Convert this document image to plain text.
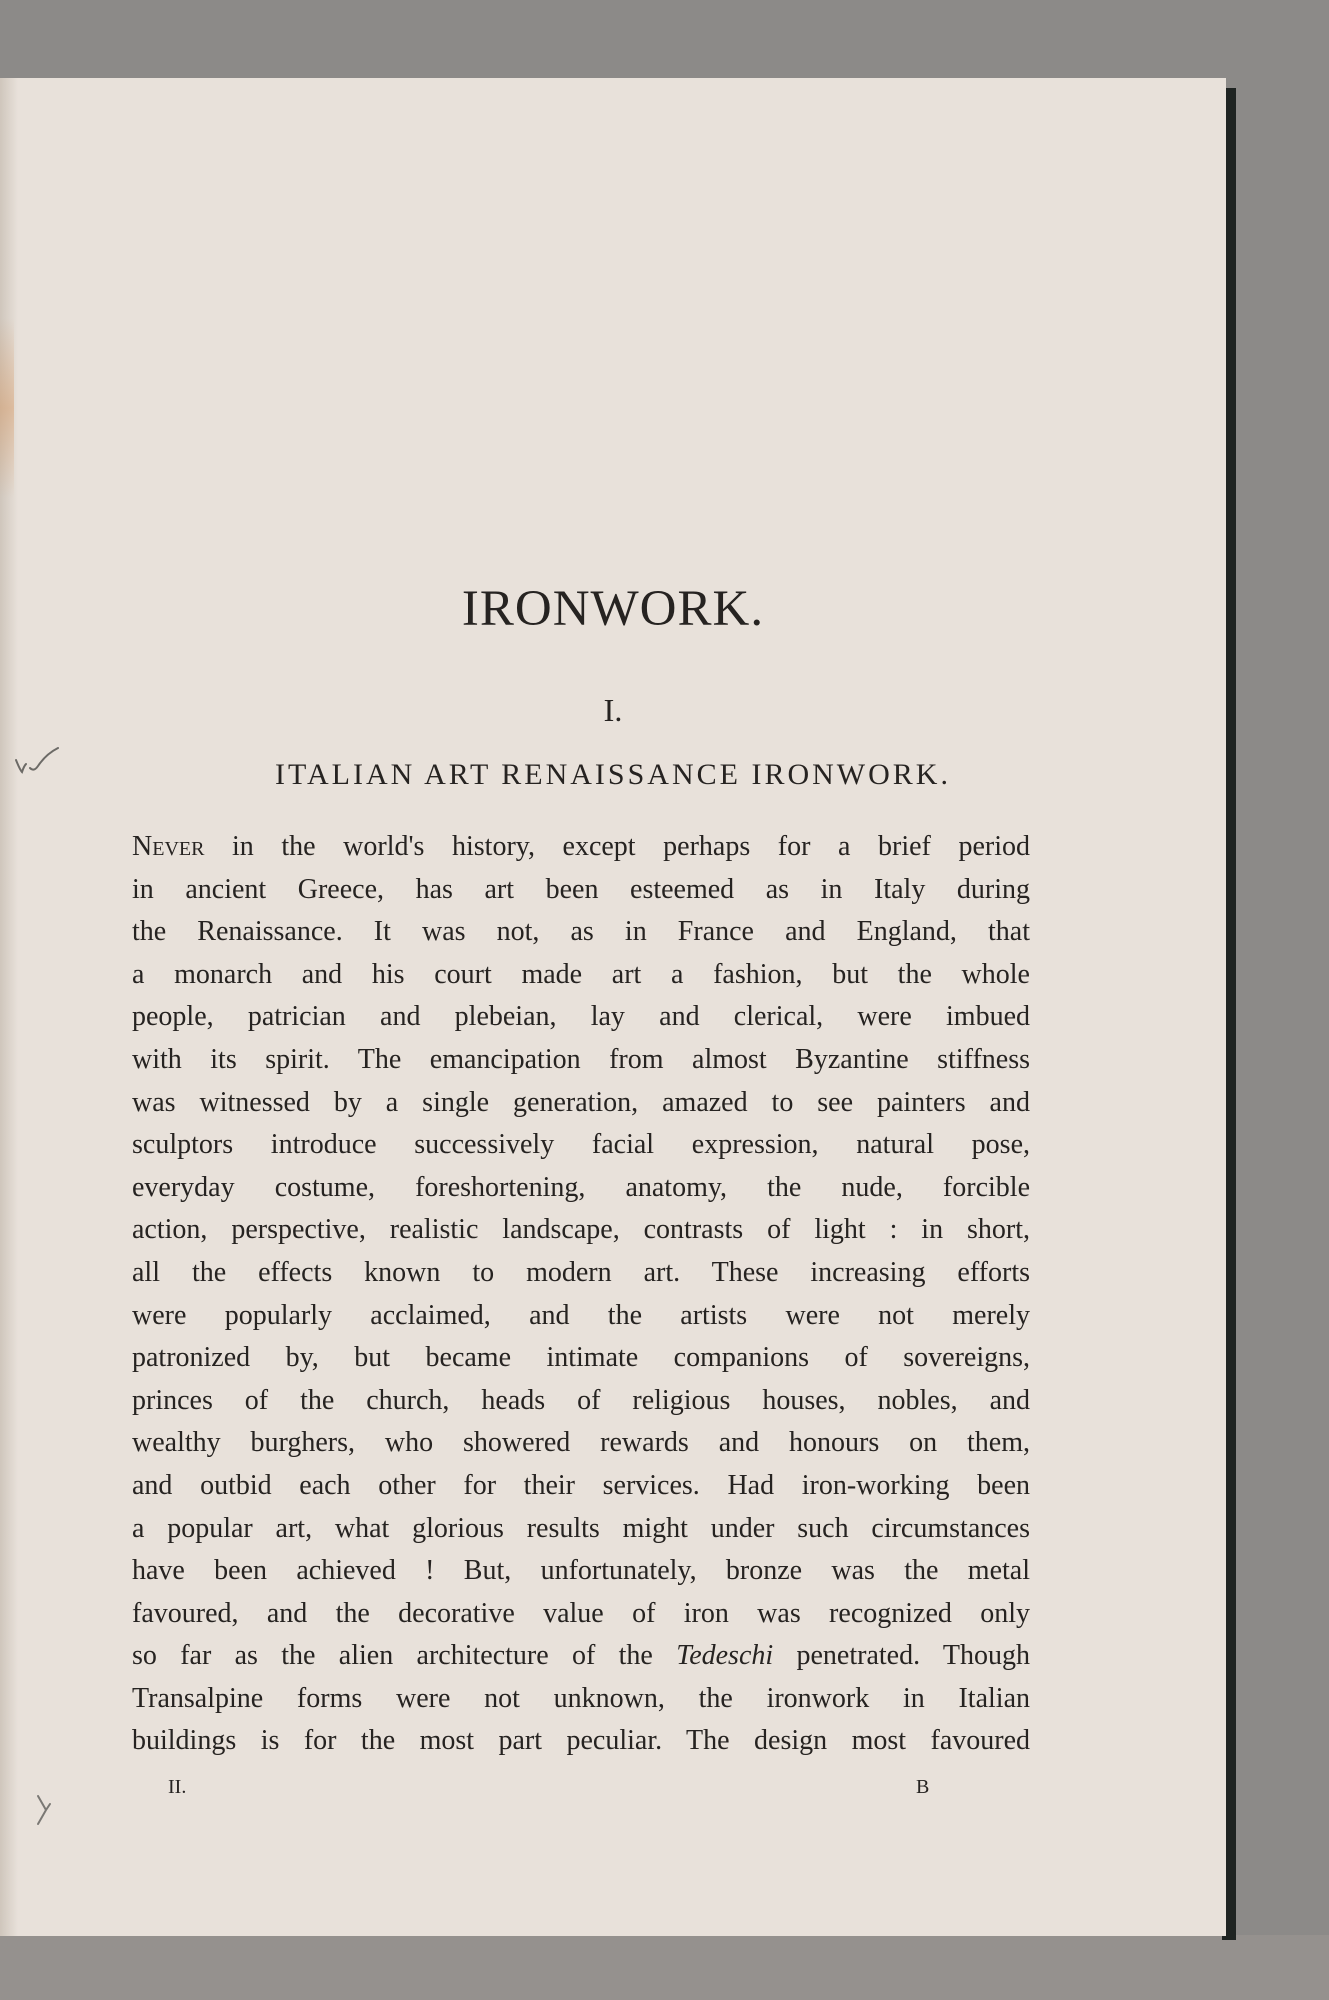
IRONWORK.
I.
ITALIAN ART RENAISSANCE IRONWORK.
Never in the world's history, except perhaps for a brief period
in ancient Greece, has art been esteemed as in Italy during
the Renaissance. It was not, as in France and England, that
a monarch and his court made art a fashion, but the whole
people, patrician and plebeian, lay and clerical, were imbued
with its spirit. The emancipation from almost Byzantine stiffness
was witnessed by a single generation, amazed to see painters and
sculptors introduce successively facial expression, natural pose,
everyday costume, foreshortening, anatomy, the nude, forcible
action, perspective, realistic landscape, contrasts of light : in short,
all the effects known to modern art. These increasing efforts
were popularly acclaimed, and the artists were not merely
patronized by, but became intimate companions of sovereigns,
princes of the church, heads of religious houses, nobles, and
wealthy burghers, who showered rewards and honours on them,
and outbid each other for their services. Had iron-working been
a popular art, what glorious results might under such circumstances
have been achieved ! But, unfortunately, bronze was the metal
favoured, and the decorative value of iron was recognized only
so far as the alien architecture of the Tedeschi penetrated. Though
Transalpine forms were not unknown, the ironwork in Italian
buildings is for the most part peculiar. The design most favoured
II.	B
